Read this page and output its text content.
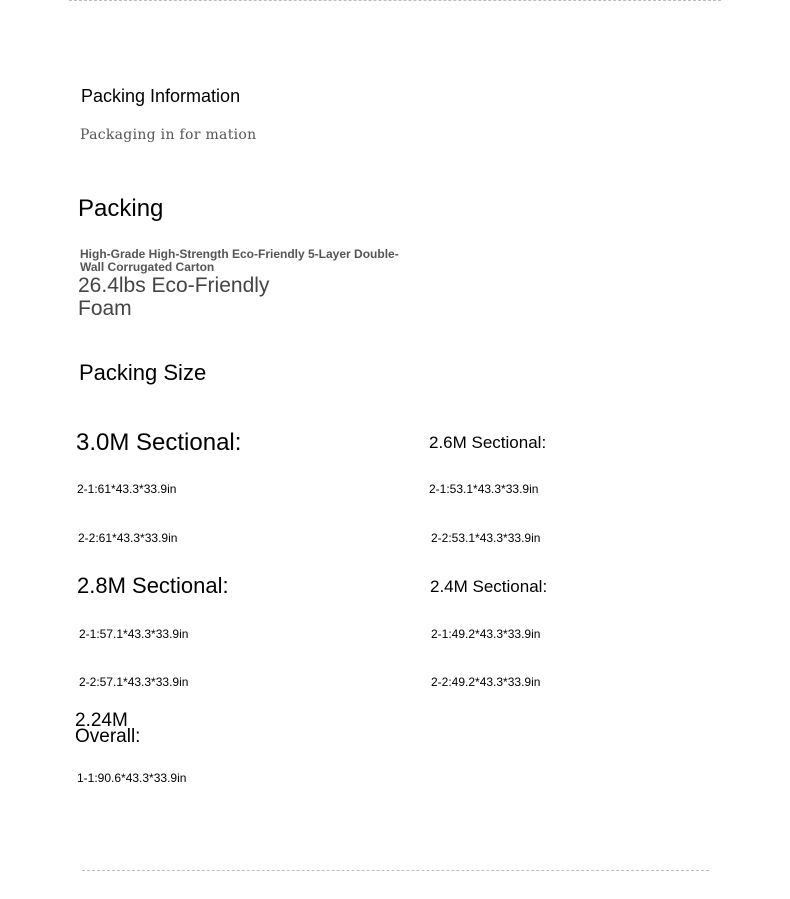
Packing Information
Packaging in for mation
Packing
High-Grade High-Strength Eco-Friendly 5-Layer Double-Wall Corrugated Carton
26.4lbs Eco-Friendly Foam
Packing Size
3.0M Sectional:
2-1:61*43.3*33.9in
2-2:61*43.3*33.9in
2.6M Sectional:
2-1:53.1*43.3*33.9in
2-2:53.1*43.3*33.9in
2.8M Sectional:
2-1:57.1*43.3*33.9in
2-2:57.1*43.3*33.9in
2.4M Sectional:
2-1:49.2*43.3*33.9in
2-2:49.2*43.3*33.9in
2.24M Overall:
1-1:90.6*43.3*33.9in
